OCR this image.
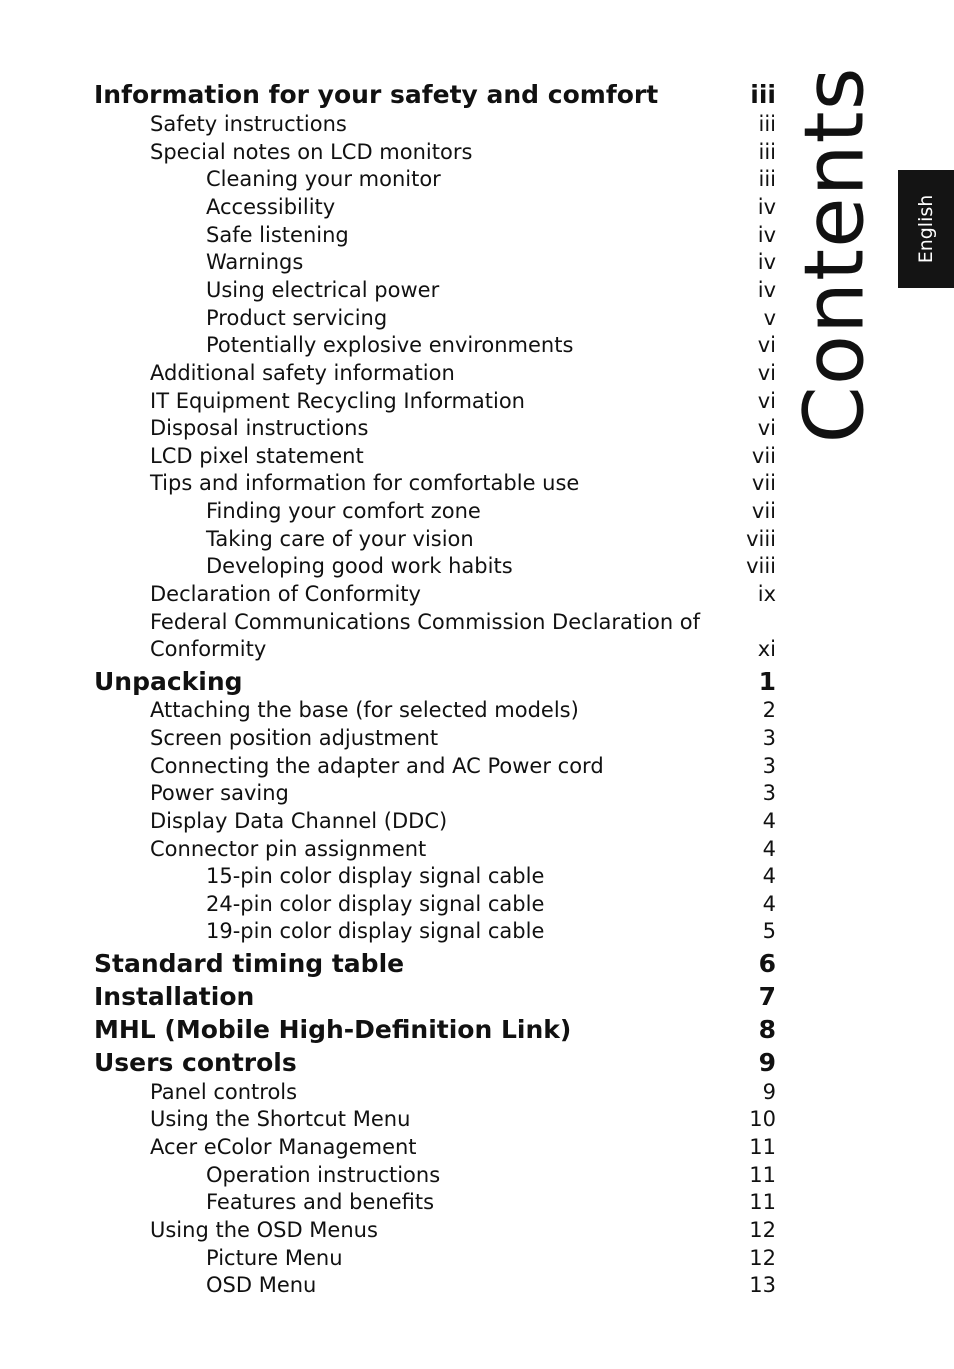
Information for your safety and comfort	iii
Safety instructions	iii
Special notes on LCD monitors	iii
Cleaning your monitor	iii
Accessibility	iv
Safe listening	iv
Warnings	iv
Using electrical power	iv
Product servicing	v
Potentially explosive environments	vi
Additional safety information	vi
IT Equipment Recycling Information	vi
Disposal instructions	vi
LCD pixel statement	vii
Tips and information for comfortable use	vii
Finding your comfort zone	vii
Taking care of your vision	viii
Developing good work habits	viii
Declaration of Conformity	ix
Federal Communications Commission Declaration of
Conformity	xi
Unpacking	1
Attaching the base (for selected models)	2
Screen position adjustment	3
Connecting the adapter and AC Power cord	3
Power saving	3
Display Data Channel (DDC)	4
Connector pin assignment	4
15-pin color display signal cable	4
24-pin color display signal cable	4
19-pin color display signal cable	5
Standard timing table	6
Installation	7
MHL (Mobile High-Definition Link)	8
Users controls	9
Panel controls	9
Using the Shortcut Menu	10
Acer eColor Management	11
Operation instructions	11
Features and benefits	11
Using the OSD Menus	12
Picture Menu	12
OSD Menu	13
Contents English
